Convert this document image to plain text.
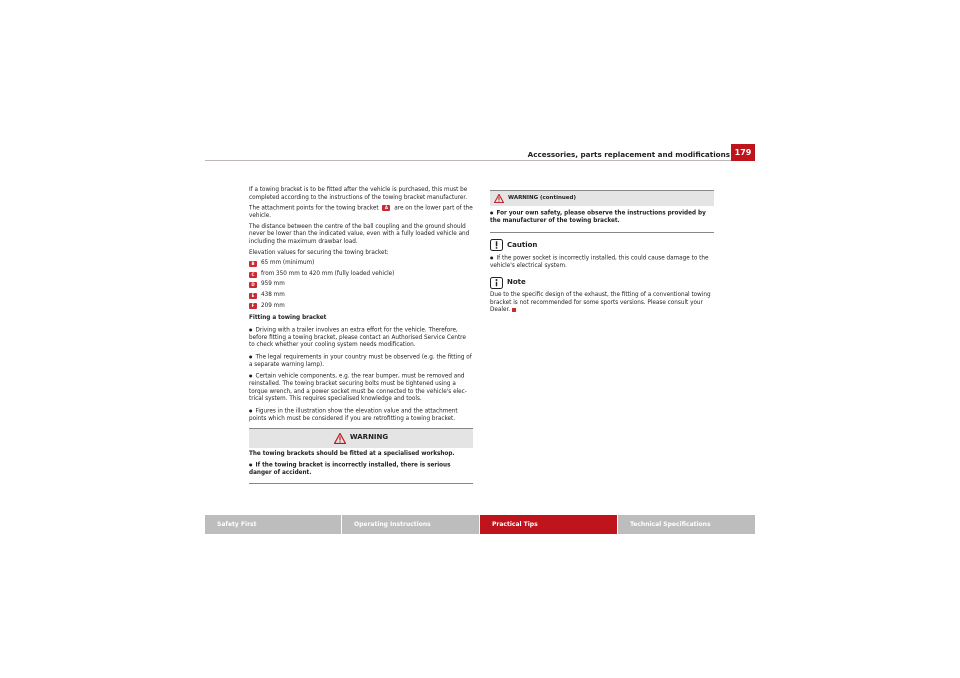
Accessories, parts replacement and modifications 179

If a towing bracket is to be fitted after the vehicle is purchased, this must be completed according to the instructions of the towing bracket manufacturer.

The attachment points for the towing bracket A are on the lower part of the vehicle.

The distance between the centre of the ball coupling and the ground should never be lower than the indicated value, even with a fully loaded vehicle and including the maximum drawbar load.

Elevation values for securing the towing bracket:

B	65 mm (minimum)
C	from 350 mm to 420 mm (fully loaded vehicle)
D	959 mm
E	438 mm
F	209 mm

Fitting a towing bracket

● Driving with a trailer involves an extra effort for the vehicle. Therefore, before fitting a towing bracket, please contact an Authorised Service Centre to check whether your cooling system needs modification.

● The legal requirements in your country must be observed (e.g. the fitting of a separate warning lamp).

● Certain vehicle components, e.g. the rear bumper, must be removed and reinstalled. The towing bracket securing bolts must be tightened using a torque wrench, and a power socket must be connected to the vehicle's elec-trical system. This requires specialised knowledge and tools.

● Figures in the illustration show the elevation value and the attachment points which must be considered if you are retrofitting a towing bracket.

WARNING

The towing brackets should be fitted at a specialised workshop.

● If the towing bracket is incorrectly installed, there is serious danger of accident.

WARNING (continued)

● For your own safety, please observe the instructions provided by the manufacturer of the towing bracket.

Caution

● If the power socket is incorrectly installed, this could cause damage to the vehicle's electrical system.

Note

Due to the specific design of the exhaust, the fitting of a conventional towing bracket is not recommended for some sports versions. Please consult your Dealer.

Safety First	Operating Instructions	Practical Tips	Technical Specifications
